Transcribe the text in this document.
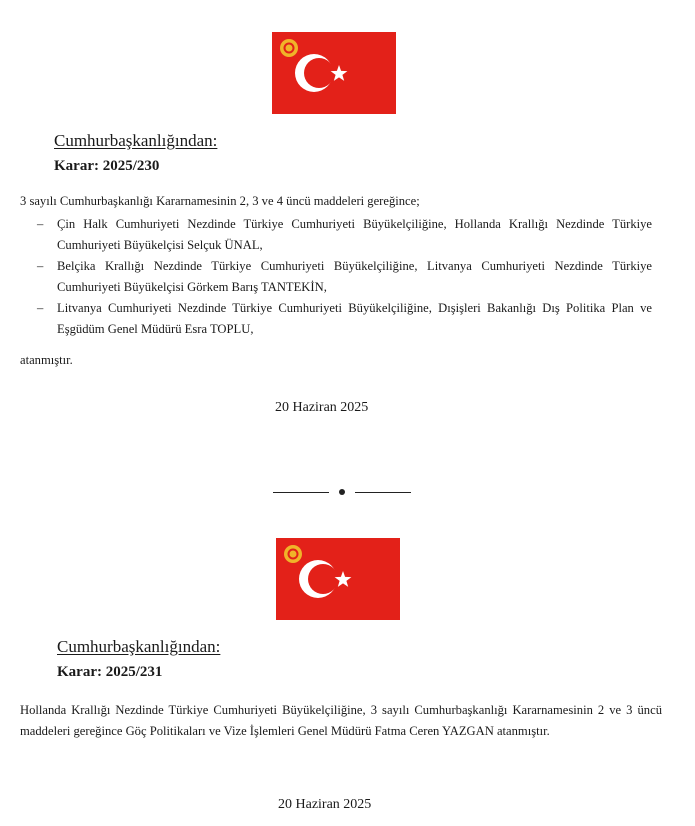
Cumhurbaşkanlığından:
Karar: 2025/230
3 sayılı Cumhurbaşkanlığı Kararnamesinin 2, 3 ve 4 üncü maddeleri gereğince;
– Çin Halk Cumhuriyeti Nezdinde Türkiye Cumhuriyeti Büyükelçiliğine, Hollanda Krallığı Nezdinde Türkiye Cumhuriyeti Büyükelçisi Selçuk ÜNAL,
– Belçika Krallığı Nezdinde Türkiye Cumhuriyeti Büyükelçiliğine, Litvanya Cumhuriyeti Nezdinde Türkiye Cumhuriyeti Büyükelçisi Görkem Barış TANTEKİN,
– Litvanya Cumhuriyeti Nezdinde Türkiye Cumhuriyeti Büyükelçiliğine, Dışişleri Bakanlığı Dış Politika Plan ve Eşgüdüm Genel Müdürü Esra TOPLU,
atanmıştır.
20 Haziran 2025
Cumhurbaşkanlığından:
Karar: 2025/231
Hollanda Krallığı Nezdinde Türkiye Cumhuriyeti Büyükelçiliğine, 3 sayılı Cumhurbaşkanlığı Kararnamesinin 2 ve 3 üncü maddeleri gereğince Göç Politikaları ve Vize İşlemleri Genel Müdürü Fatma Ceren YAZGAN atanmıştır.
20 Haziran 2025
